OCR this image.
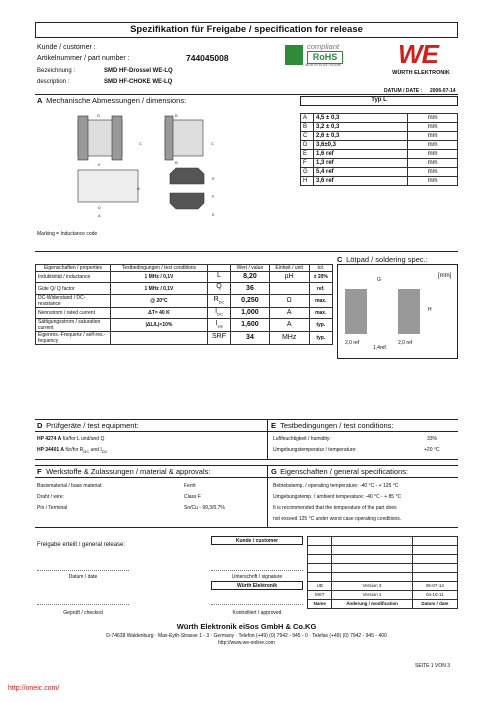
Spezifikation für Freigabe / specification for release
Kunde / customer :
Artikelnummer / part number :	744045008
Bezeichnung :	SMD HF-Drossel WE-LQ
description :	SMD HF-CHOKE WE-LQ
compliant
RoHS
WÜRTH ELEKTRONIK	WE
WÜRTH ELEKTRONIK
DATUM / DATE : 2006-07-14
A Mechanische Abmessungen / dimensions:	Typ L
D
C
K
B
C
B
B
D
A
E
F
E
A	4,5 ± 0,3	mm
B	3,2 ± 0,3	mm
C	2,6 ± 0,3	mm
D	3,6±0,3	mm
E	1,6 ref	mm
F	1,3 ref	mm
G	5,4 ref	mm
H	3,6 ref	mm
Marking = Inductance code
Eigenschaften / properties	Testbedingungen / test conditions		Wert / value	Einheit / unit	tol.
Induktivität / inductance	1 MHz / 0,1V	L	8,20	µH	± 20%
Güte Q/ Q factor	1 MHz / 0,1V	Q	36		ref.
DC-Widerstand / DC-resistance	@ 20°C	$R_{DC}$	0,250	Ω	max.
Nennstrom / rated current	ΔT= 40 K	$I_{DC}$	1,000	A	max.
Sättigungsstrom / saturation current	|ΔL/L|<10%	$I_{sat}$	1,600	A	typ.
Eigenres.-Frequenz / self-res.-fequency		SRF	34	MHz	typ.
C Lötpad / soldering spec.:
[mm]
G
H
2,0 ref
1,4ref.
2,0 ref
D Prüfgeräte / test equipment:	E Testbedingungen / test conditions:
HP 4274 A für/for L und/and Q
HP 34401 A für/for $R_{DC}$ und $I_{DC}$
Luftfeuchtigkeit / humidity:	33%
Umgebungstemperatur / temperature:	+20 °C
F Werkstoffe & Zulassungen / material & approvals:	G Eigenschaften / general specifications:
Basismaterial / base material:	Ferrit
Draht / wire:	Class F
Pin / Terminal	Sn/Cu - 99,3/0,7%
Betriebstemp. / operating temperature: -40 °C - + 125 °C
Umgebungstemp. / ambient temperature: -40 °C - + 85 °C
It is recommended that the temperature of the part does
not exceed 125 °C under worst case operating conditions.
Freigabe erteilt / general release:
Kunde / customer
Datum / date	Unterschrift / signature
Würth Elektronik
Geprüft / checked	Kontrolliert / approved

UB	Version 3	06-07-14
MST	Version 1	04-10-11
Name	Änderung / modification	Datum / date
Würth Elektronik eiSos GmbH & Co.KG
D-74638 Waldenburg · Max-Eyth-Strasse 1 - 3 · Germany · Telefon (+49) (0) 7942 - 945 - 0 · Telefax (+49) (0) 7942 - 945 - 400
http://www.we-online.com
SEITE 1 VON 3
http://oneic.com/
